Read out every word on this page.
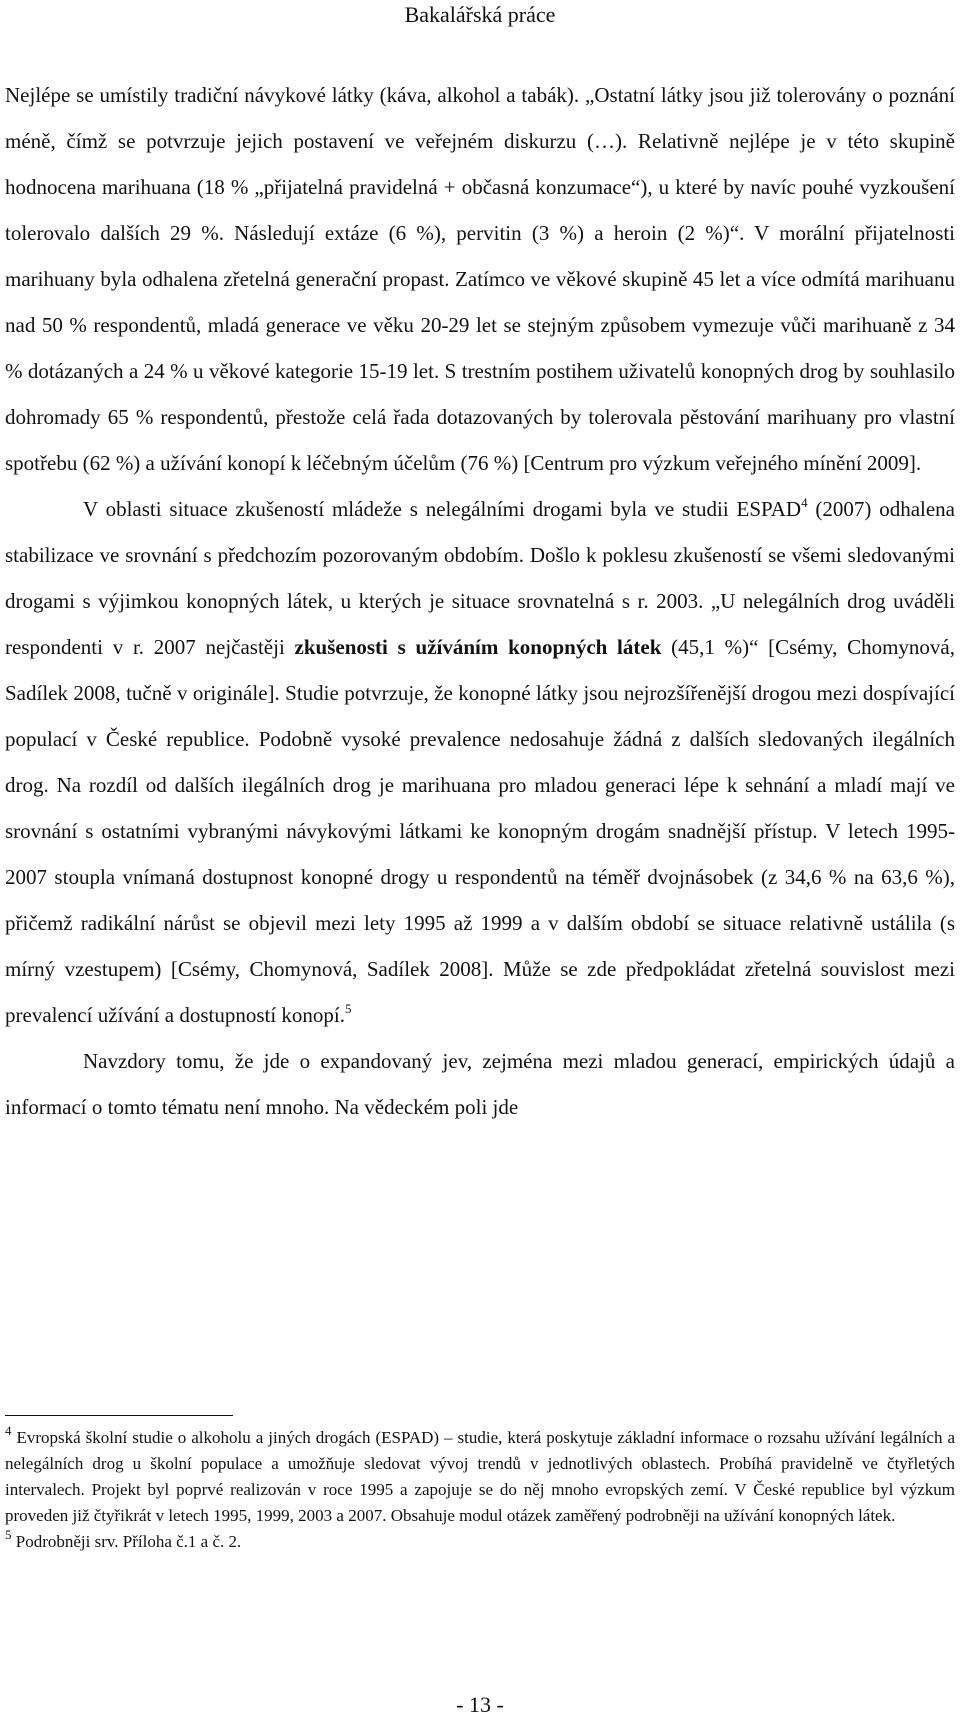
Bakalářská práce

Nejlépe se umístily tradiční návykové látky (káva, alkohol a tabák). „Ostatní látky jsou již tolerovány o poznání méně, čímž se potvrzuje jejich postavení ve veřejném diskurzu (…). Relativně nejlépe je v této skupině hodnocena marihuana (18 % „přijatelná pravidelná + občasná konzumace“), u které by navíc pouhé vyzkoušení tolerovalo dalších 29 %. Následují extáze (6 %), pervitin (3 %) a heroin (2 %)“. V morální přijatelnosti marihuany byla odhalena zřetelná generační propast. Zatímco ve věkové skupině 45 let a více odmítá marihuanu nad 50 % respondentů, mladá generace ve věku 20-29 let se stejným způsobem vymezuje vůči marihuaně z 34 % dotázaných a 24 % u věkové kategorie 15-19 let. S trestním postihem uživatelů konopných drog by souhlasilo dohromady 65 % respondentů, přestože celá řada dotazovaných by tolerovala pěstování marihuany pro vlastní spotřebu (62 %) a užívání konopí k léčebným účelům (76 %) [Centrum pro výzkum veřejného mínění 2009].

V oblasti situace zkušeností mládeže s nelegálními drogami byla ve studii ESPAD$^4$ (2007) odhalena stabilizace ve srovnání s předchozím pozorovaným obdobím. Došlo k poklesu zkušeností se všemi sledovanými drogami s výjimkou konopných látek, u kterých je situace srovnatelná s r. 2003. „U nelegálních drog uváděli respondenti v r. 2007 nejčastěji zkušenosti s užíváním konopných látek (45,1 %)“ [Csémy, Chomynová, Sadílek 2008, tučně v originále]. Studie potvrzuje, že konopné látky jsou nejrozšířenější drogou mezi dospívající populací v České republice. Podobně vysoké prevalence nedosahuje žádná z dalších sledovaných ilegálních drog. Na rozdíl od dalších ilegálních drog je marihuana pro mladou generaci lépe k sehnání a mladí mají ve srovnání s ostatními vybranými návykovými látkami ke konopným drogám snadnější přístup. V letech 1995-2007 stoupla vnímaná dostupnost konopné drogy u respondentů na téměř dvojnásobek (z 34,6 % na 63,6 %), přičemž radikální nárůst se objevil mezi lety 1995 až 1999 a v dalším období se situace relativně ustálila (s mírný vzestupem) [Csémy, Chomynová, Sadílek 2008]. Může se zde předpokládat zřetelná souvislost mezi prevalencí užívání a dostupností konopí.$^5$

Navzdory tomu, že jde o expandovaný jev, zejména mezi mladou generací, empirických údajů a informací o tomto tématu není mnoho. Na vědeckém poli jde

$^4$ Evropská školní studie o alkoholu a jiných drogách (ESPAD) – studie, která poskytuje základní informace o rozsahu užívání legálních a nelegálních drog u školní populace a umožňuje sledovat vývoj trendů v jednotlivých oblastech. Probíhá pravidelně ve čtyřletých intervalech. Projekt byl poprvé realizován v roce 1995 a zapojuje se do něj mnoho evropských zemí. V České republice byl výzkum proveden již čtyřikrát v letech 1995, 1999, 2003 a 2007. Obsahuje modul otázek zaměřený podrobněji na užívání konopných látek.

$^5$ Podrobněji srv. Příloha č.1 a č. 2.

- 13 -
